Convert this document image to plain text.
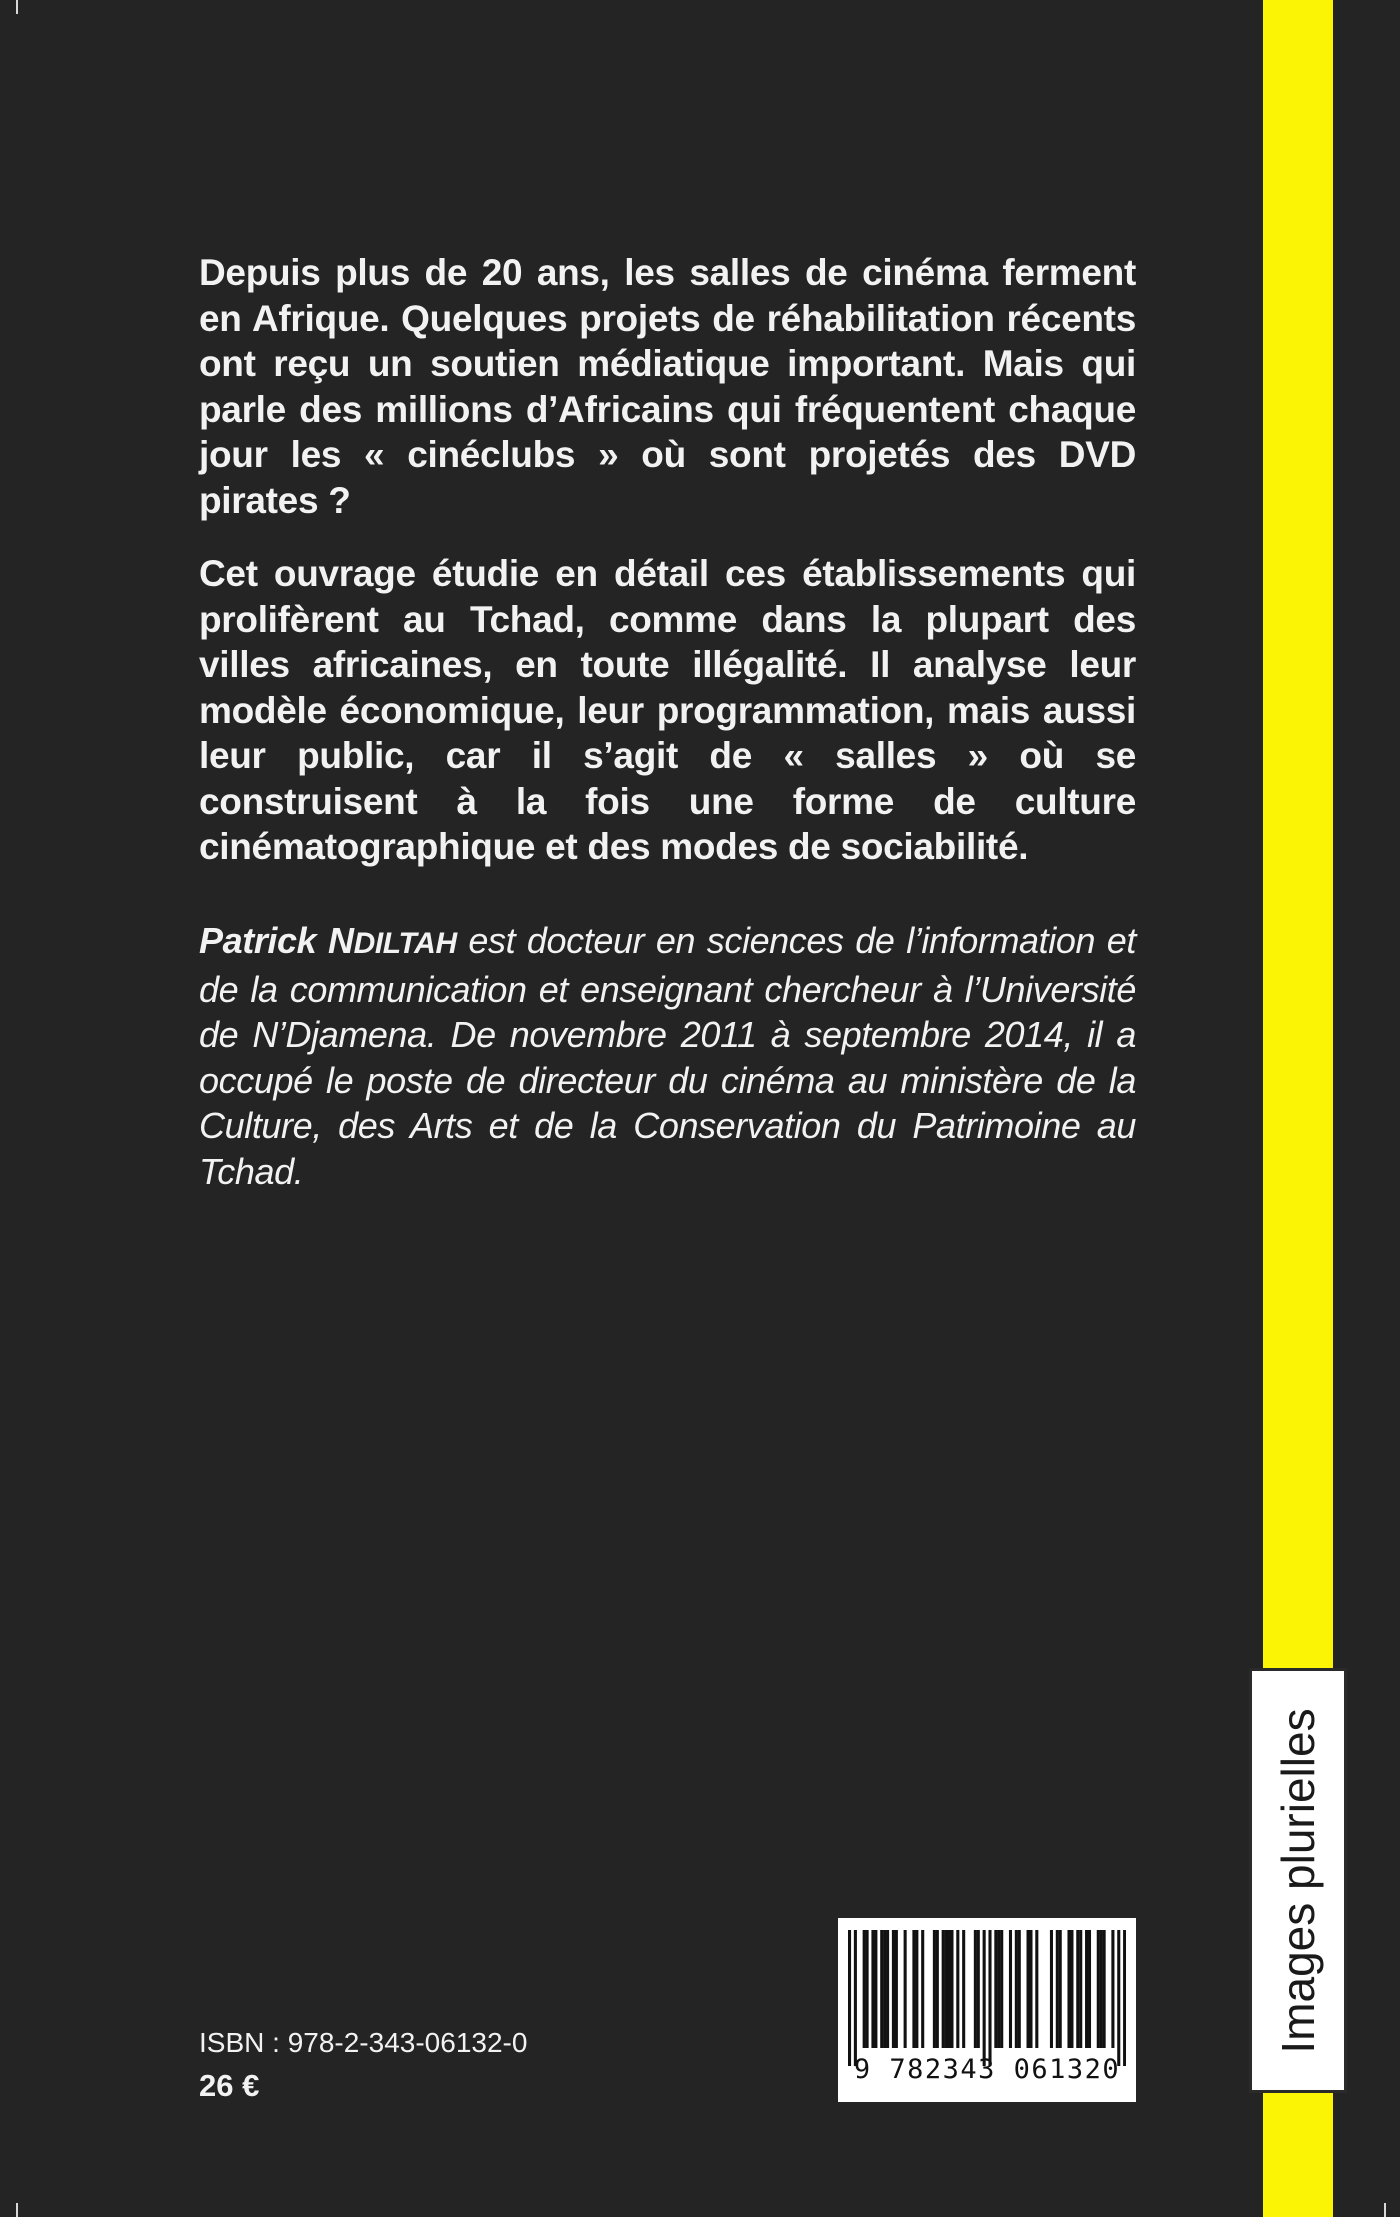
Images plurielles

Depuis plus de 20 ans, les salles de cinéma ferment en Afrique. Quelques projets de réhabilitation récents ont reçu un soutien médiatique important. Mais qui parle des millions d’Africains qui fréquentent chaque jour les « cinéclubs » où sont projetés des DVD pirates ?

Cet ouvrage étudie en détail ces établissements qui prolifèrent au Tchad, comme dans la plupart des villes africaines, en toute illégalité. Il analyse leur modèle économique, leur programmation, mais aussi leur public, car il s’agit de « salles » où se construisent à la fois une forme de culture cinématographique et des modes de sociabilité.

Patrick NDILTAH est docteur en sciences de l’information et de la communication et enseignant chercheur à l’Université de N’Djamena. De novembre 2011 à septembre 2014, il a occupé le poste de directeur du cinéma au ministère de la Culture, des Arts et de la Conservation du Patrimoine au Tchad.

ISBN : 978-2-343-06132-0
26 €	9 782343 061320
